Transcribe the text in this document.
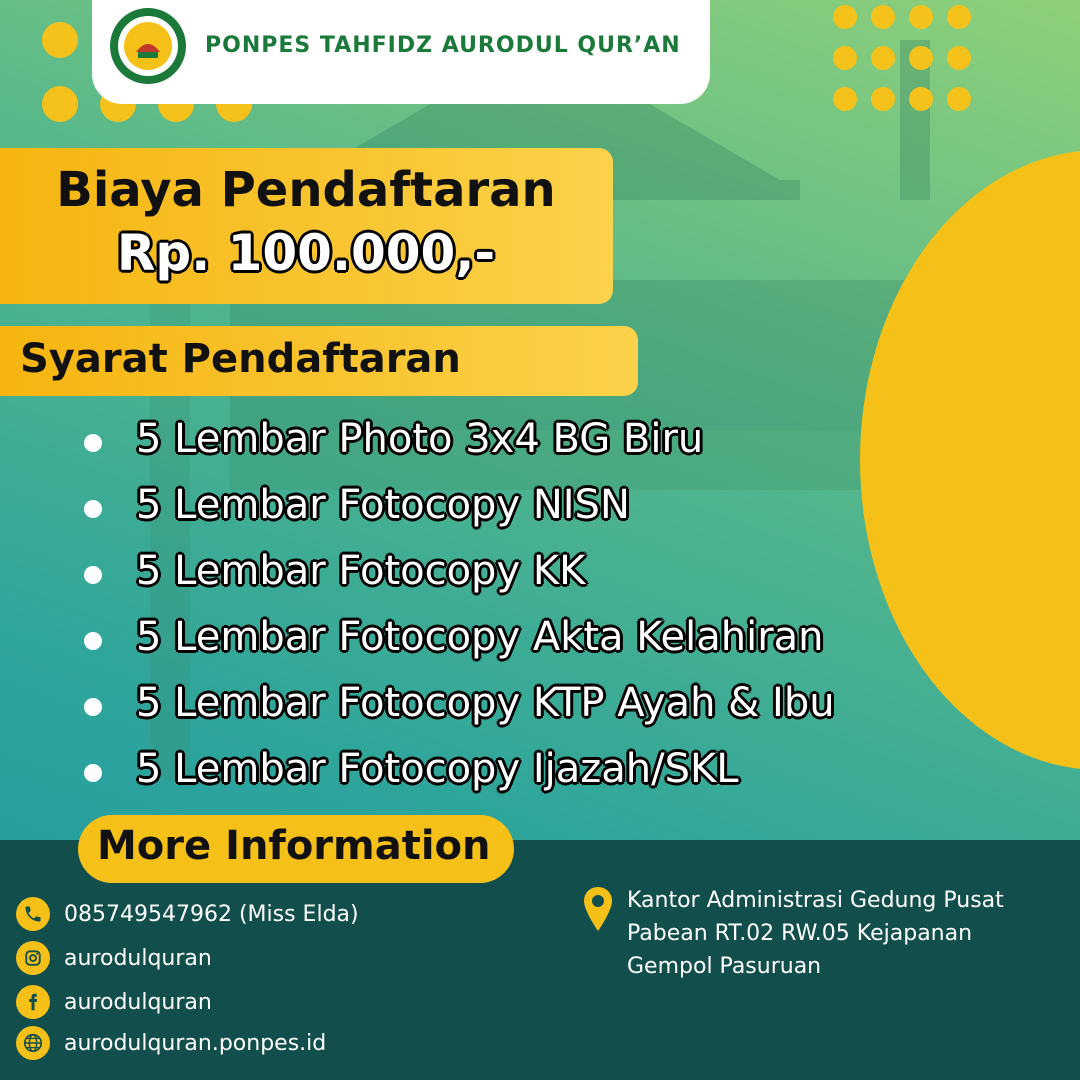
PONPES TAHFIDZ AURODUL QUR’AN
Biaya Pendaftaran
Rp. 100.000,-
Syarat Pendaftaran
5 Lembar Photo 3x4 BG Biru
5 Lembar Fotocopy NISN
5 Lembar Fotocopy KK
5 Lembar Fotocopy Akta Kelahiran
5 Lembar Fotocopy KTP Ayah & Ibu
5 Lembar Fotocopy Ijazah/SKL
More Information
085749547962 (Miss Elda)
aurodulquran
aurodulquran
aurodulquran.ponpes.id
Kantor Administrasi Gedung Pusat
Pabean RT.02 RW.05 Kejapanan
Gempol Pasuruan
